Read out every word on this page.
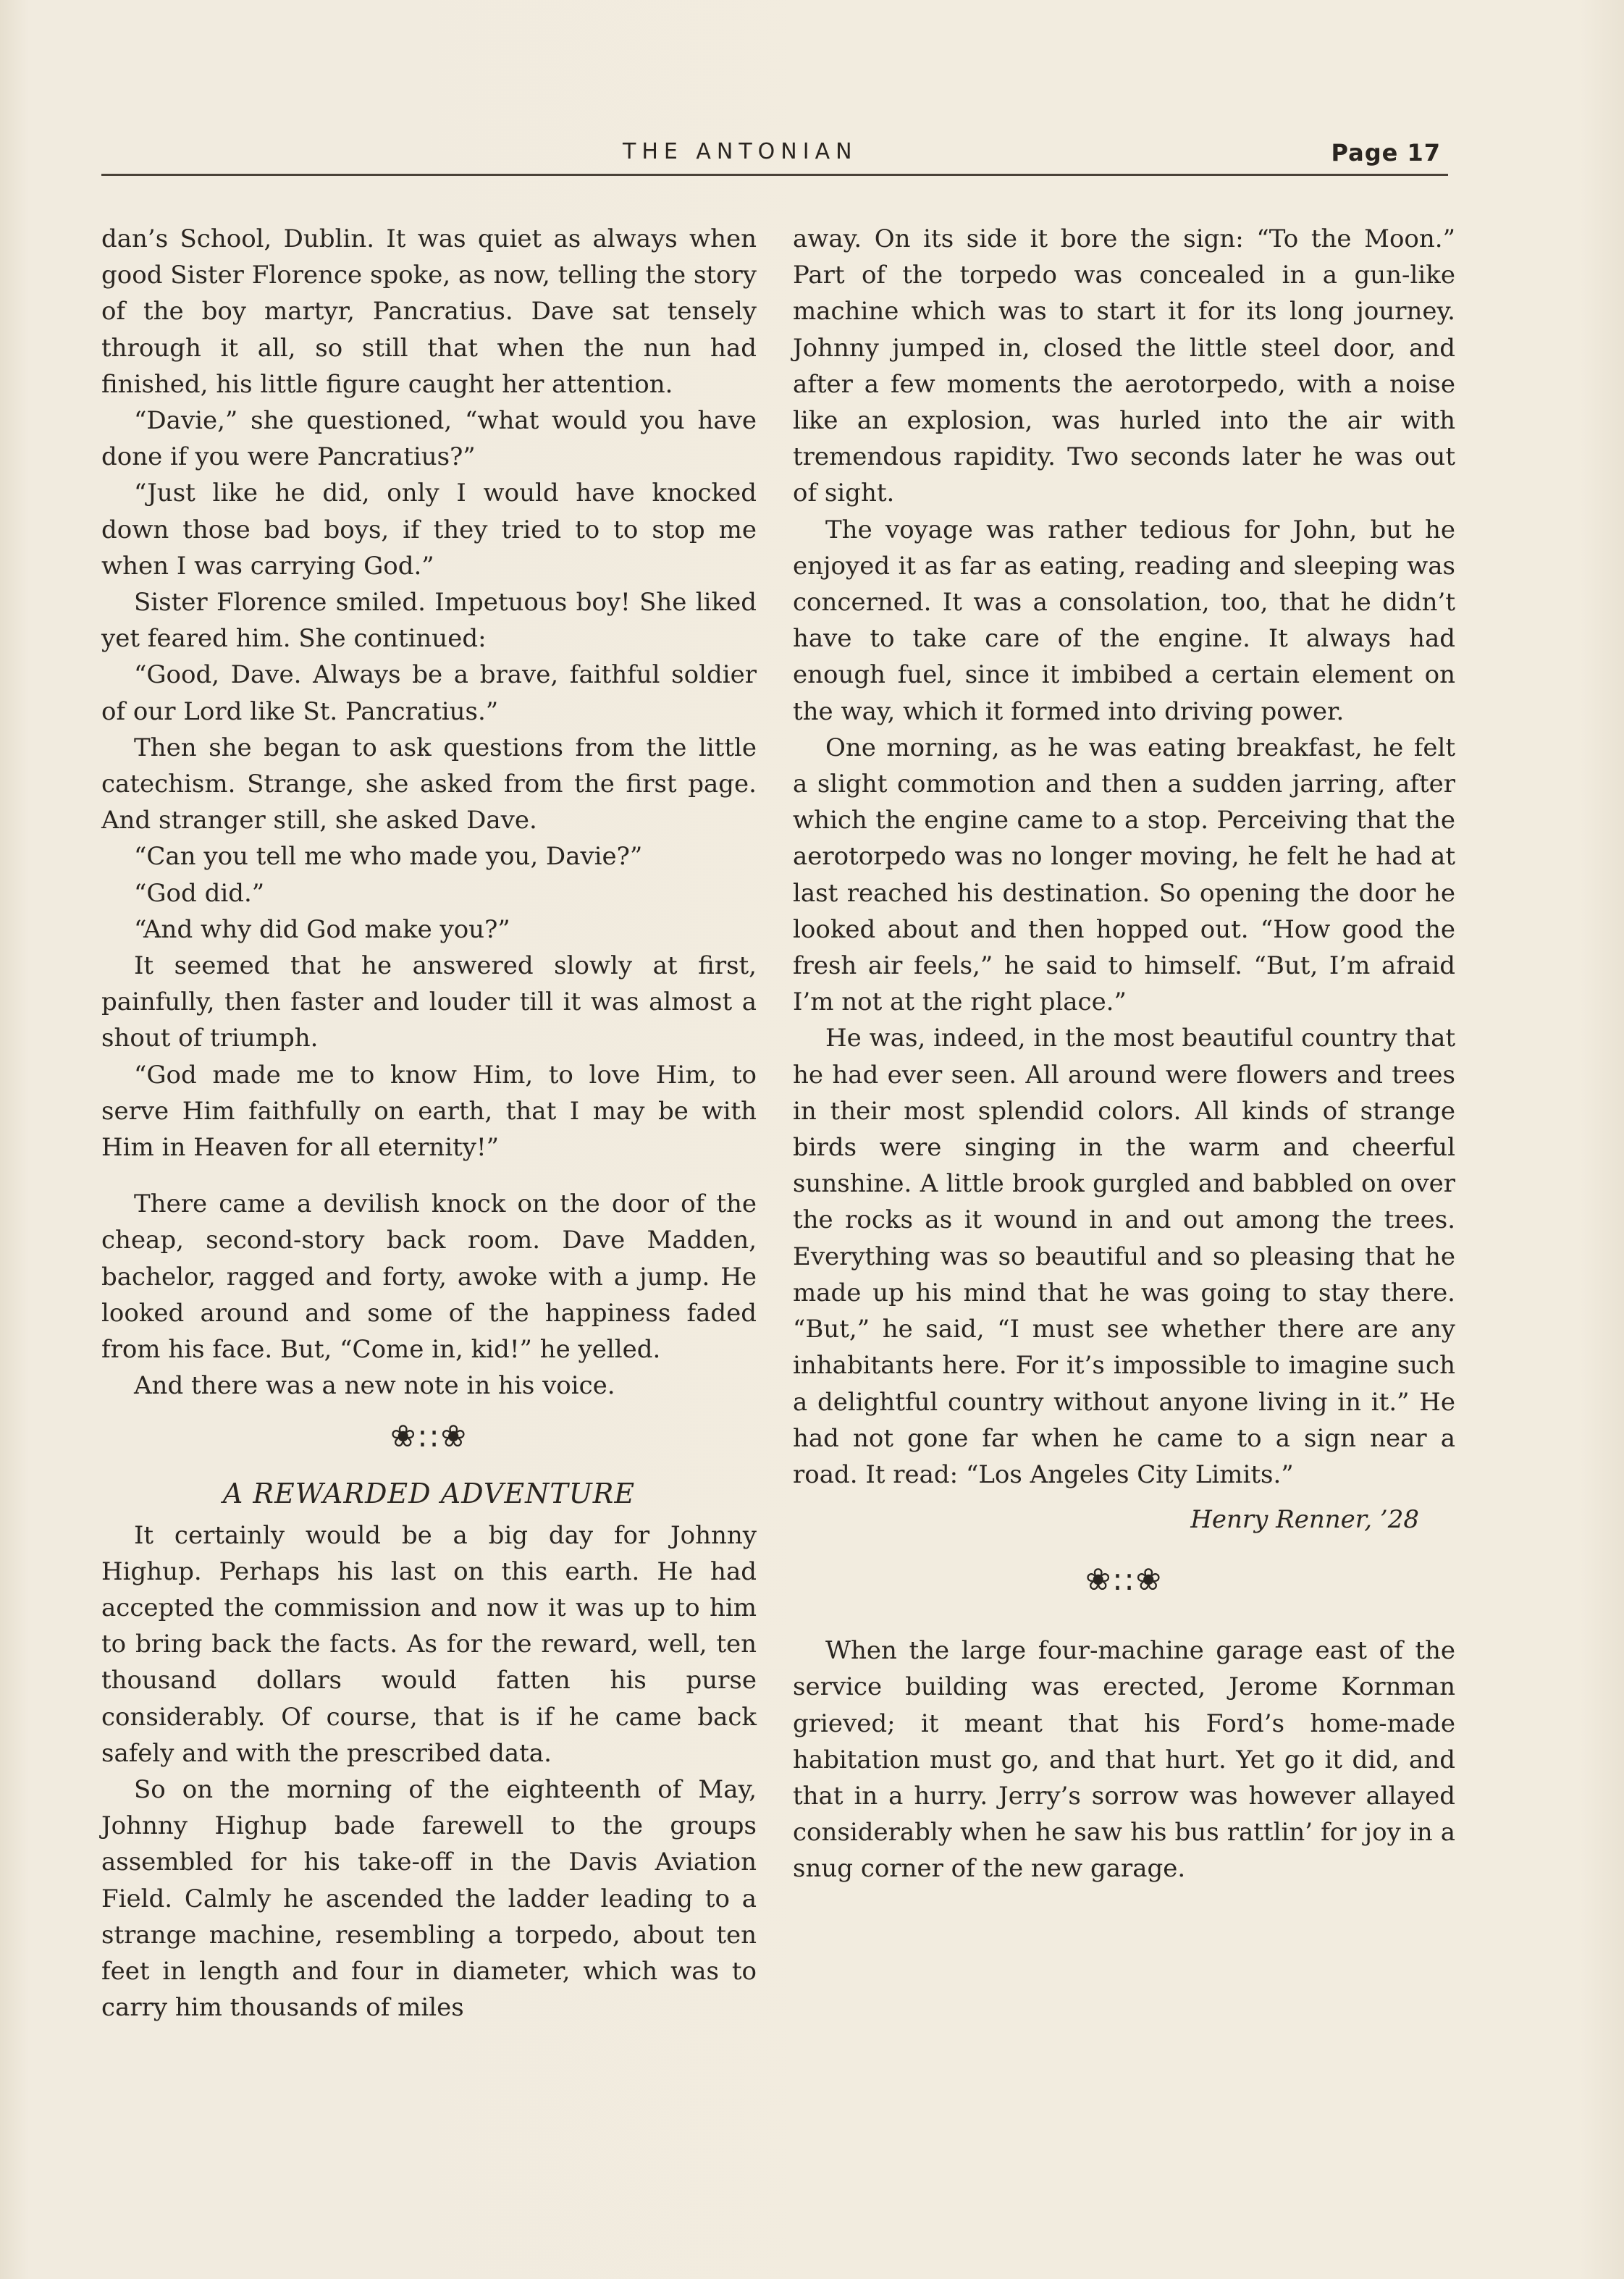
THE ANTONIAN	Page 17

dan’s School, Dublin. It was quiet as always when good Sister Florence spoke, as now, telling the story of the boy martyr, Pancratius. Dave sat tensely through it all, so still that when the nun had finished, his little figure caught her attention.

“Davie,” she questioned, “what would you have done if you were Pancratius?”

“Just like he did, only I would have knocked down those bad boys, if they tried to to stop me when I was carrying God.”

Sister Florence smiled. Impetuous boy! She liked yet feared him. She continued:

“Good, Dave. Always be a brave, faithful soldier of our Lord like St. Pancratius.”

Then she began to ask questions from the little catechism. Strange, she asked from the first page. And stranger still, she asked Dave.

“Can you tell me who made you, Davie?”

“God did.”

“And why did God make you?”

It seemed that he answered slowly at first, painfully, then faster and louder till it was almost a shout of triumph.

“God made me to know Him, to love Him, to serve Him faithfully on earth, that I may be with Him in Heaven for all eternity!”

There came a devilish knock on the door of the cheap, second-story back room. Dave Madden, bachelor, ragged and forty, awoke with a jump. He looked around and some of the happiness faded from his face. But, “Come in, kid!” he yelled.

And there was a new note in his voice.

❀::❀

A REWARDED ADVENTURE

It certainly would be a big day for Johnny Highup. Perhaps his last on this earth. He had accepted the commission and now it was up to him to bring back the facts. As for the reward, well, ten thousand dollars would fatten his purse considerably. Of course, that is if he came back safely and with the prescribed data.

So on the morning of the eighteenth of May, Johnny Highup bade farewell to the groups assembled for his take-off in the Davis Aviation Field. Calmly he ascended the ladder leading to a strange machine, resembling a torpedo, about ten feet in length and four in diameter, which was to carry him thousands of miles

away. On its side it bore the sign: “To the Moon.” Part of the torpedo was concealed in a gun-like machine which was to start it for its long journey. Johnny jumped in, closed the little steel door, and after a few moments the aerotorpedo, with a noise like an explosion, was hurled into the air with tremendous rapidity. Two seconds later he was out of sight.

The voyage was rather tedious for John, but he enjoyed it as far as eating, reading and sleeping was concerned. It was a consolation, too, that he didn’t have to take care of the engine. It always had enough fuel, since it imbibed a certain element on the way, which it formed into driving power.

One morning, as he was eating breakfast, he felt a slight commotion and then a sudden jarring, after which the engine came to a stop. Perceiving that the aerotorpedo was no longer moving, he felt he had at last reached his destination. So opening the door he looked about and then hopped out. “How good the fresh air feels,” he said to himself. “But, I’m afraid I’m not at the right place.”

He was, indeed, in the most beautiful country that he had ever seen. All around were flowers and trees in their most splendid colors. All kinds of strange birds were singing in the warm and cheerful sunshine. A little brook gurgled and babbled on over the rocks as it wound in and out among the trees. Everything was so beautiful and so pleasing that he made up his mind that he was going to stay there. “But,” he said, “I must see whether there are any inhabitants here. For it’s impossible to imagine such a delightful country without anyone living in it.” He had not gone far when he came to a sign near a road. It read: “Los Angeles City Limits.”

Henry Renner, ’28

❀::❀

When the large four-machine garage east of the service building was erected, Jerome Kornman grieved; it meant that his Ford’s home-made habitation must go, and that hurt. Yet go it did, and that in a hurry. Jerry’s sorrow was however allayed considerably when he saw his bus rattlin’ for joy in a snug corner of the new garage.
